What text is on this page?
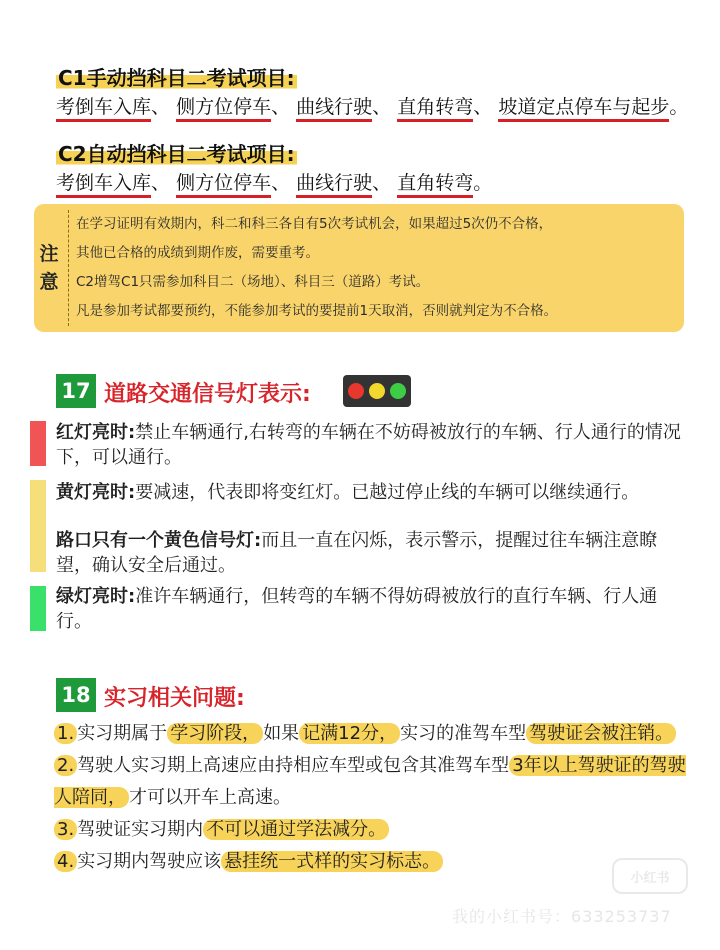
C1手动挡科目二考试项目:
考倒车入库、 侧方位停车、 曲线行驶、 直角转弯、 坡道定点停车与起步。
C2自动挡科目二考试项目:
考倒车入库、 侧方位停车、 曲线行驶、 直角转弯。
注
意
在学习证明有效期内，科二和科三各自有5次考试机会，如果超过5次仍不合格，
其他已合格的成绩到期作废，需要重考。
C2增驾C1只需参加科目二（场地）、科目三（道路）考试。
凡是参加考试都要预约，不能参加考试的要提前1天取消，否则就判定为不合格。
17 道路交通信号灯表示:
红灯亮时:禁止车辆通行,右转弯的车辆在不妨碍被放行的车辆、行人通行的情况下，可以通行。
黄灯亮时:要减速，代表即将变红灯。已越过停止线的车辆可以继续通行。
路口只有一个黄色信号灯:而且一直在闪烁，表示警示，提醒过往车辆注意瞭望，确认安全后通过。
绿灯亮时:准许车辆通行，但转弯的车辆不得妨碍被放行的直行车辆、行人通行。
18 实习相关问题:
1. 实习期属于 学习阶段， 如果 记满12分， 实习的准驾车型 驾驶证会被注销。
2. 驾驶人实习期上高速应由持相应车型或包含其准驾车型 3年以上驾驶证的驾驶人陪同， 才可以开车上高速。
3. 驾驶证实习期内 不可以通过学法减分。
4. 实习期内驾驶应该 悬挂统一式样的实习标志。
小红书
我的小红书号：633253737
